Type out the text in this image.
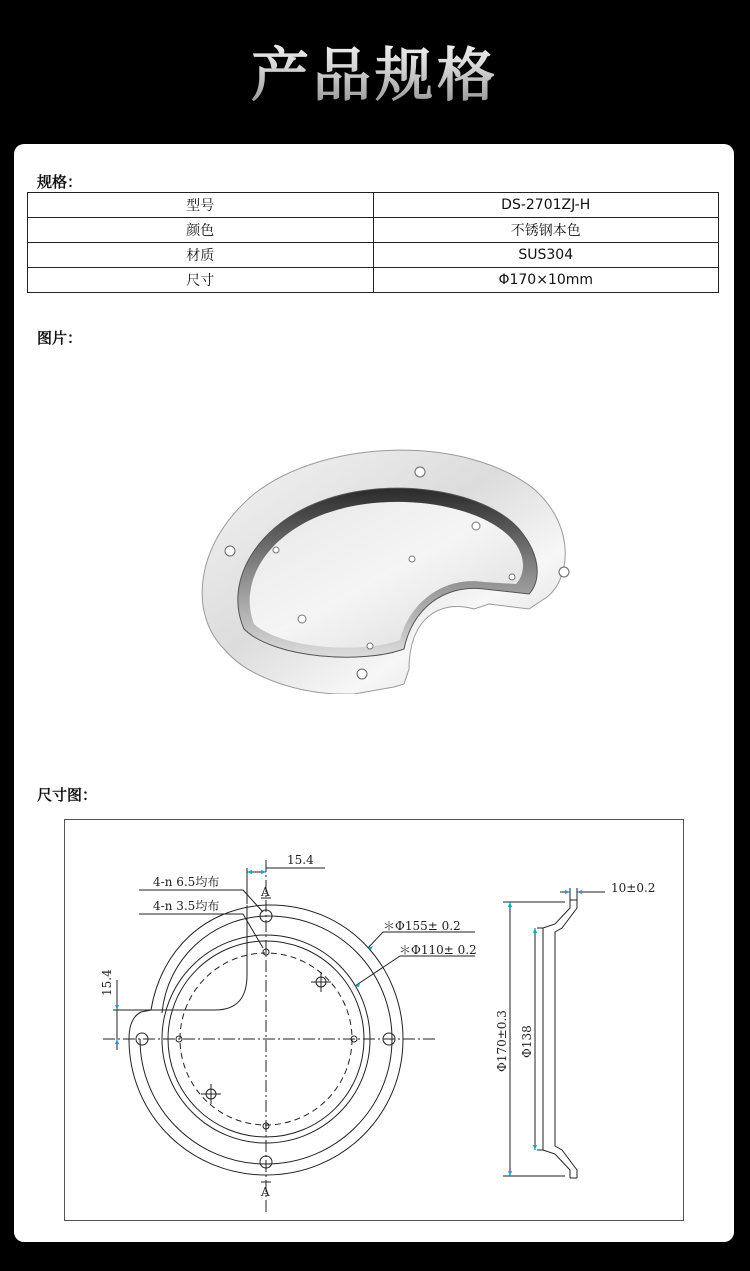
产品规格
规格：
型号	DS-2701ZJ-H
颜色	不锈钢本色
材质	SUS304
尺寸	Φ170×10mm
图片：
尺寸图：
15.4
4-n 6.5均布
4-n 3.5均布
A
A
15.4
＊Φ155± 0.2
＊Φ110± 0.2
10±0.2
Φ170±0.3 Φ138
